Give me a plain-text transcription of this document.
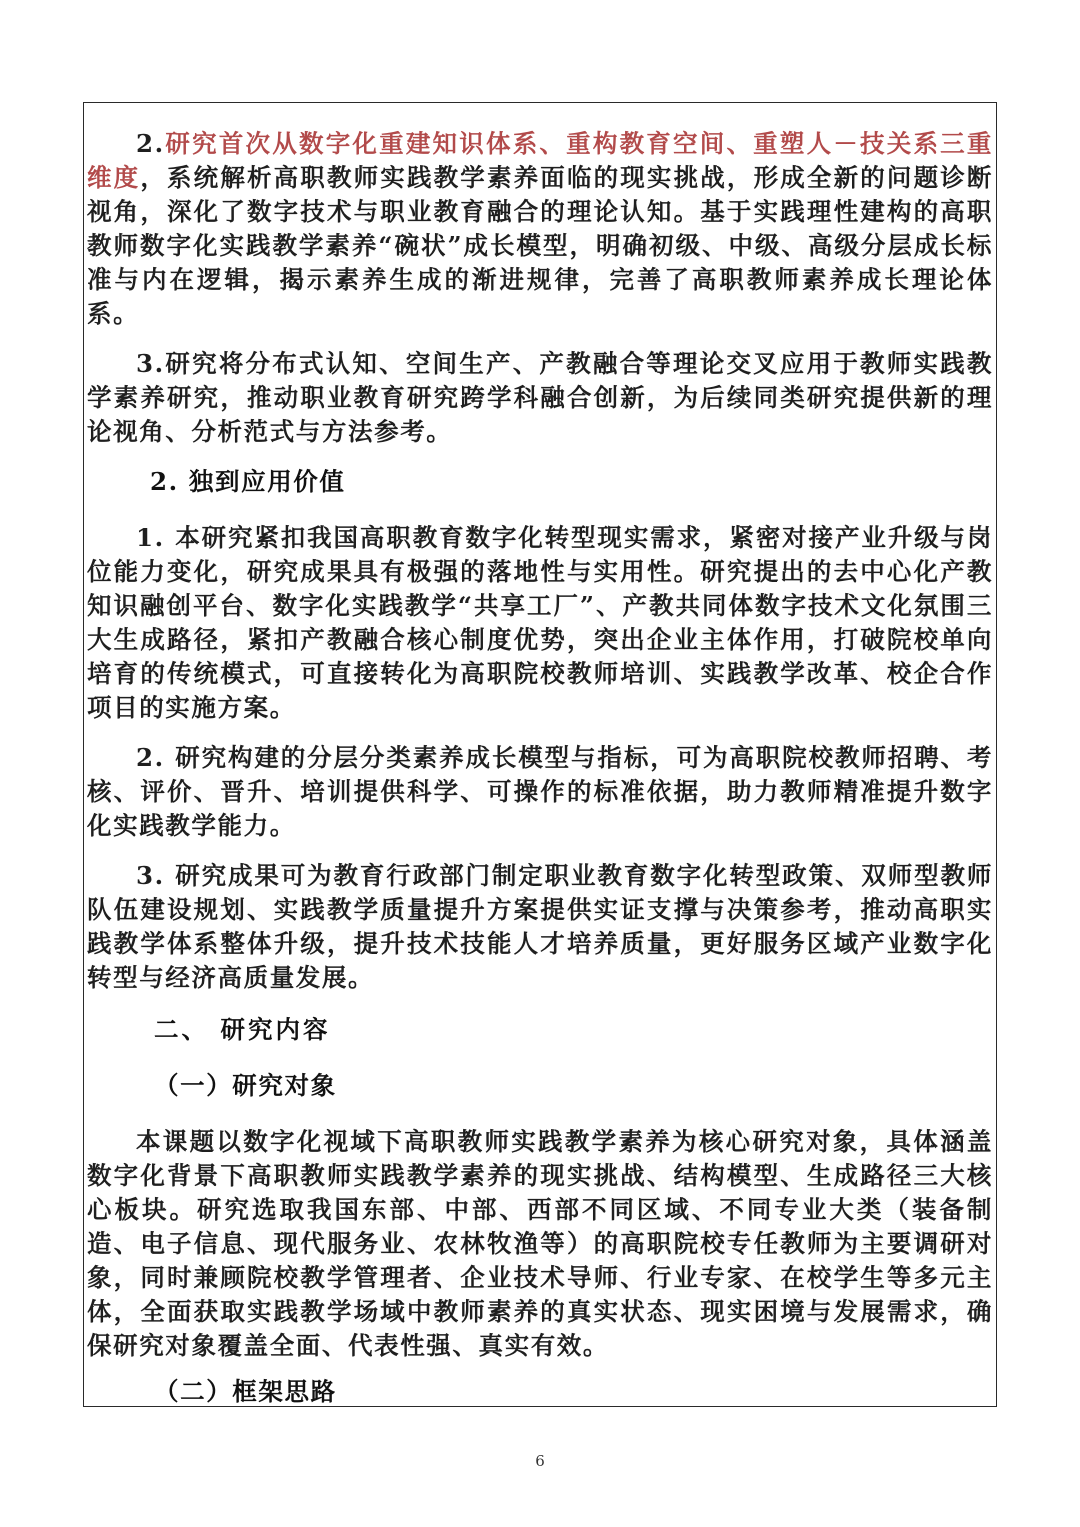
2.研究首次从数字化重建知识体系、重构教育空间、重塑人－技关系三重维度，系统解析高职教师实践教学素养面临的现实挑战，形成全新的问题诊断视角，深化了数字技术与职业教育融合的理论认知。基于实践理性建构的高职教师数字化实践教学素养“碗状”成长模型，明确初级、中级、高级分层成长标准与内在逻辑，揭示素养生成的渐进规律，完善了高职教师素养成长理论体系。

3.研究将分布式认知、空间生产、产教融合等理论交叉应用于教师实践教学素养研究，推动职业教育研究跨学科融合创新，为后续同类研究提供新的理论视角、分析范式与方法参考。

2. 独到应用价值

1. 本研究紧扣我国高职教育数字化转型现实需求，紧密对接产业升级与岗位能力变化，研究成果具有极强的落地性与实用性。研究提出的去中心化产教知识融创平台、数字化实践教学“共享工厂”、产教共同体数字技术文化氛围三大生成路径，紧扣产教融合核心制度优势，突出企业主体作用，打破院校单向培育的传统模式，可直接转化为高职院校教师培训、实践教学改革、校企合作项目的实施方案。

2. 研究构建的分层分类素养成长模型与指标，可为高职院校教师招聘、考核、评价、晋升、培训提供科学、可操作的标准依据，助力教师精准提升数字化实践教学能力。

3. 研究成果可为教育行政部门制定职业教育数字化转型政策、双师型教师队伍建设规划、实践教学质量提升方案提供实证支撑与决策参考，推动高职实践教学体系整体升级，提升技术技能人才培养质量，更好服务区域产业数字化转型与经济高质量发展。

二、 研究内容
（一）研究对象

本课题以数字化视域下高职教师实践教学素养为核心研究对象，具体涵盖数字化背景下高职教师实践教学素养的现实挑战、结构模型、生成路径三大核心板块。研究选取我国东部、中部、西部不同区域、不同专业大类（装备制造、电子信息、现代服务业、农林牧渔等）的高职院校专任教师为主要调研对象，同时兼顾院校教学管理者、企业技术导师、行业专家、在校学生等多元主体，全面获取实践教学场域中教师素养的真实状态、现实困境与发展需求，确保研究对象覆盖全面、代表性强、真实有效。

（二）框架思路
6
